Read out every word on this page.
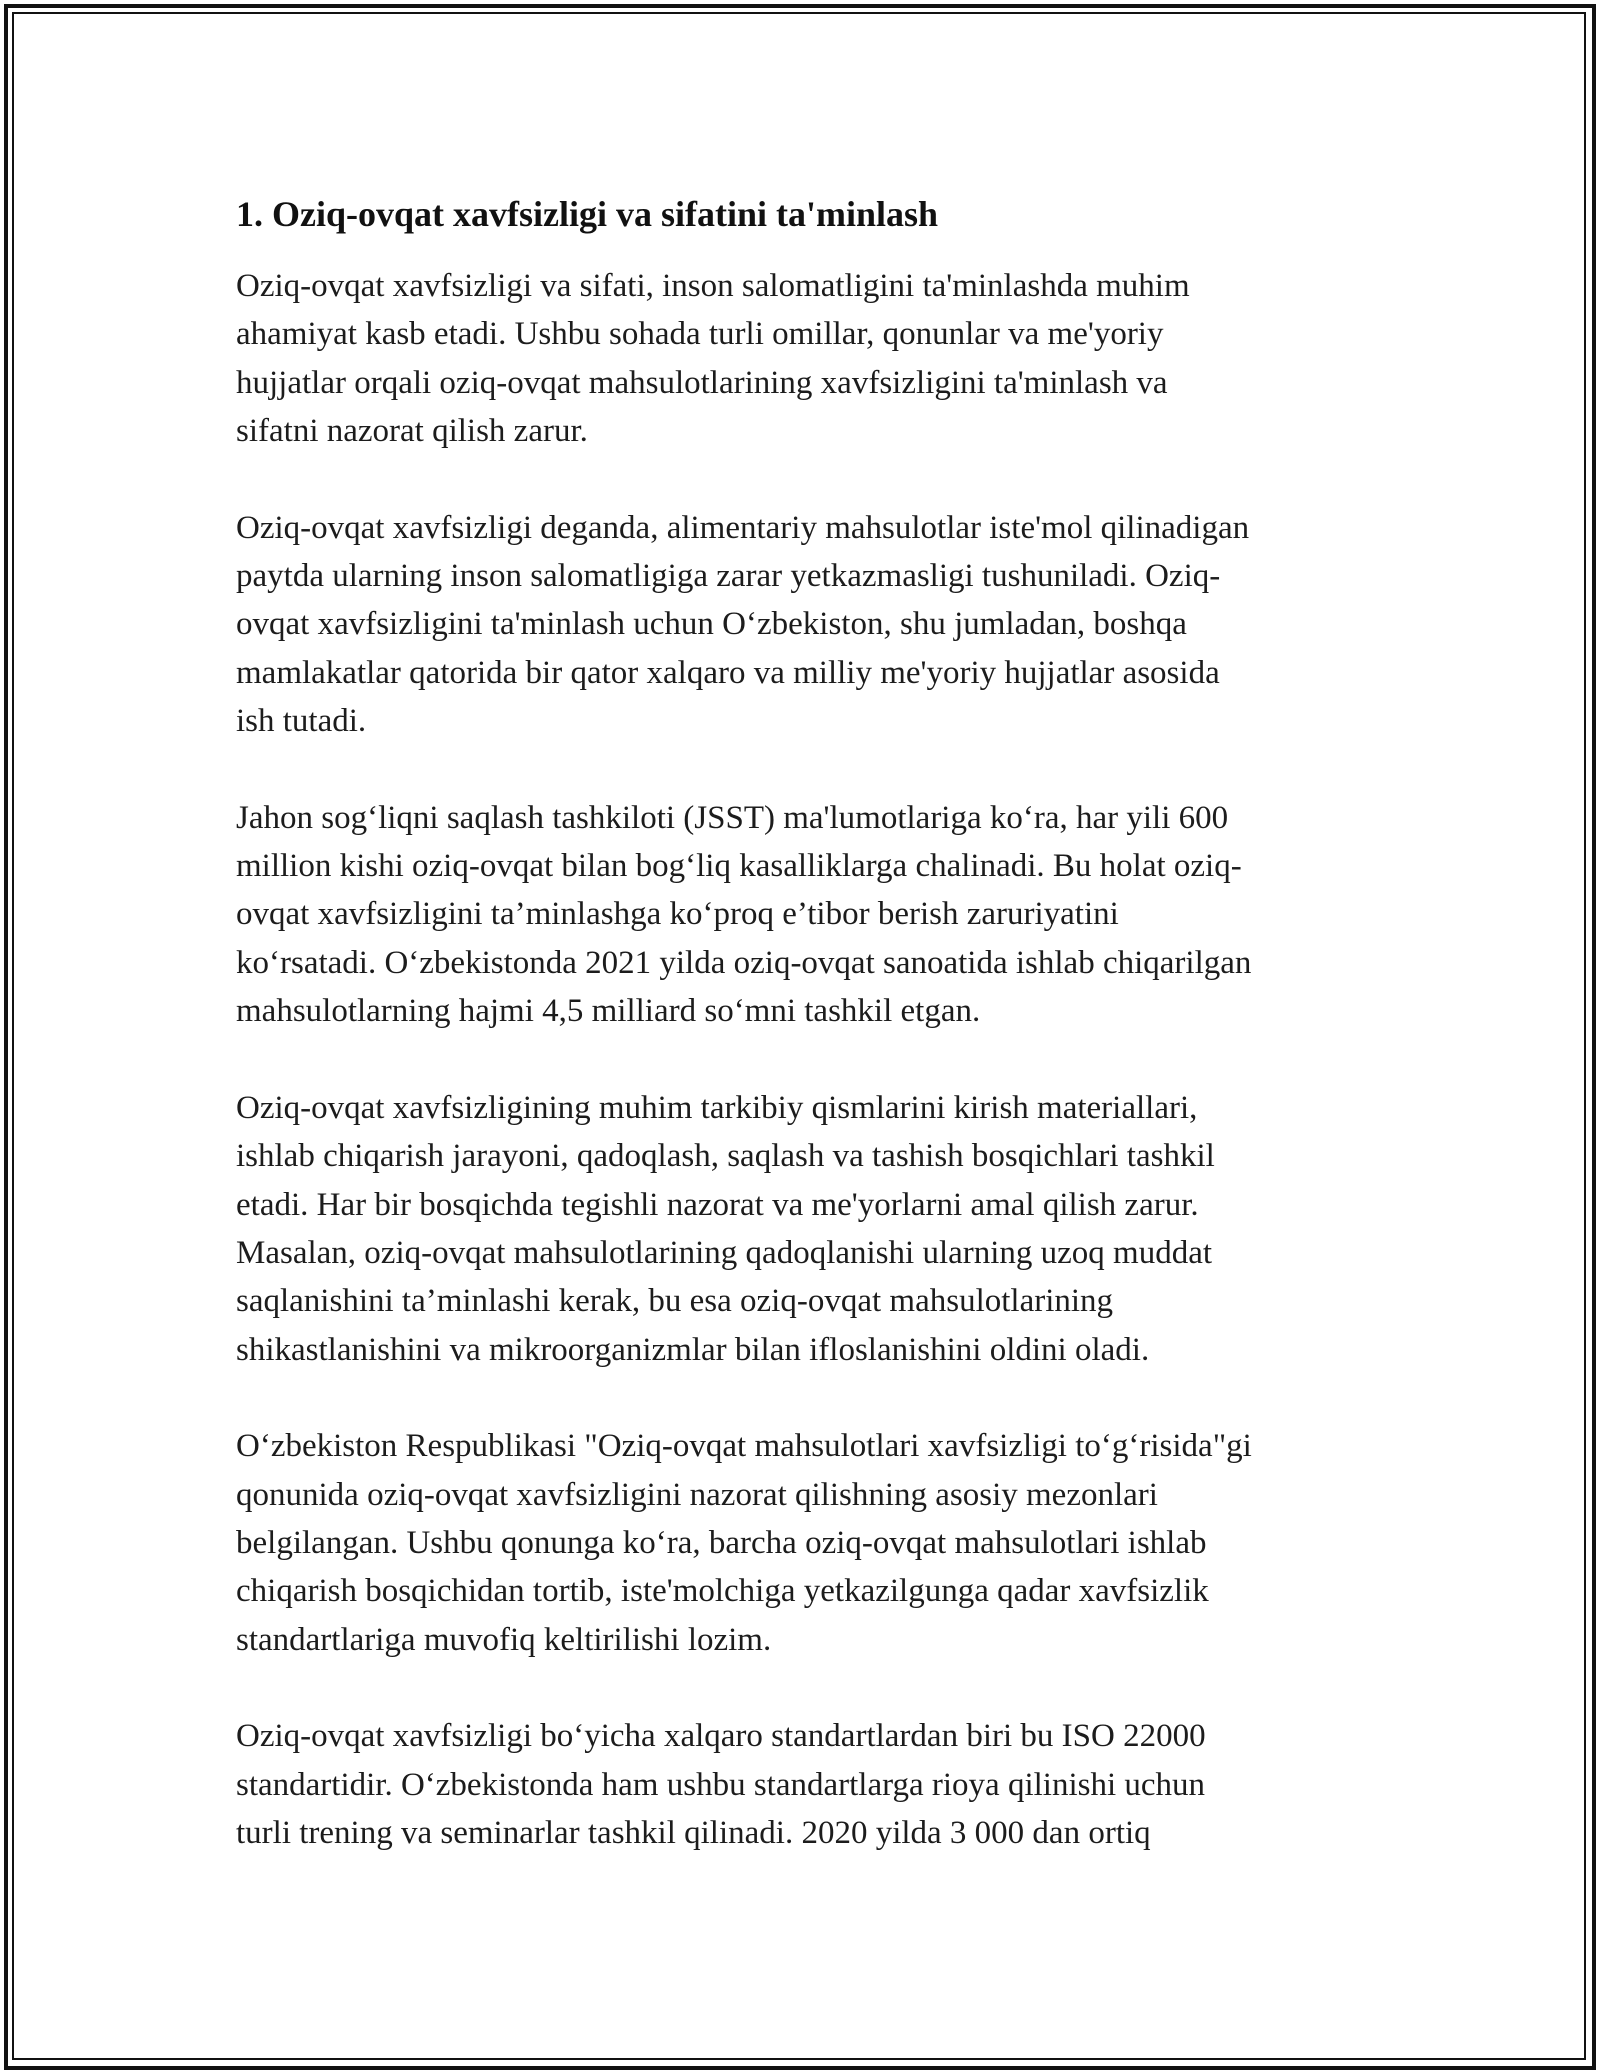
1. Oziq-ovqat xavfsizligi va sifatini ta'minlash

Oziq-ovqat xavfsizligi va sifati, inson salomatligini ta'minlashda muhim
ahamiyat kasb etadi. Ushbu sohada turli omillar, qonunlar va me'yoriy
hujjatlar orqali oziq-ovqat mahsulotlarining xavfsizligini ta'minlash va
sifatni nazorat qilish zarur.

Oziq-ovqat xavfsizligi deganda, alimentariy mahsulotlar iste'mol qilinadigan
paytda ularning inson salomatligiga zarar yetkazmasligi tushuniladi. Oziq-
ovqat xavfsizligini ta'minlash uchun O‘zbekiston, shu jumladan, boshqa
mamlakatlar qatorida bir qator xalqaro va milliy me'yoriy hujjatlar asosida
ish tutadi.

Jahon sog‘liqni saqlash tashkiloti (JSST) ma'lumotlariga ko‘ra, har yili 600
million kishi oziq-ovqat bilan bog‘liq kasalliklarga chalinadi. Bu holat oziq-
ovqat xavfsizligini ta’minlashga ko‘proq e’tibor berish zaruriyatini
ko‘rsatadi. O‘zbekistonda 2021 yilda oziq-ovqat sanoatida ishlab chiqarilgan
mahsulotlarning hajmi 4,5 milliard so‘mni tashkil etgan.

Oziq-ovqat xavfsizligining muhim tarkibiy qismlarini kirish materiallari,
ishlab chiqarish jarayoni, qadoqlash, saqlash va tashish bosqichlari tashkil
etadi. Har bir bosqichda tegishli nazorat va me'yorlarni amal qilish zarur.
Masalan, oziq-ovqat mahsulotlarining qadoqlanishi ularning uzoq muddat
saqlanishini ta’minlashi kerak, bu esa oziq-ovqat mahsulotlarining
shikastlanishini va mikroorganizmlar bilan ifloslanishini oldini oladi.

O‘zbekiston Respublikasi "Oziq-ovqat mahsulotlari xavfsizligi to‘g‘risida"gi
qonunida oziq-ovqat xavfsizligini nazorat qilishning asosiy mezonlari
belgilangan. Ushbu qonunga ko‘ra, barcha oziq-ovqat mahsulotlari ishlab
chiqarish bosqichidan tortib, iste'molchiga yetkazilgunga qadar xavfsizlik
standartlariga muvofiq keltirilishi lozim.

Oziq-ovqat xavfsizligi bo‘yicha xalqaro standartlardan biri bu ISO 22000
standartidir. O‘zbekistonda ham ushbu standartlarga rioya qilinishi uchun
turli trening va seminarlar tashkil qilinadi. 2020 yilda 3 000 dan ortiq
